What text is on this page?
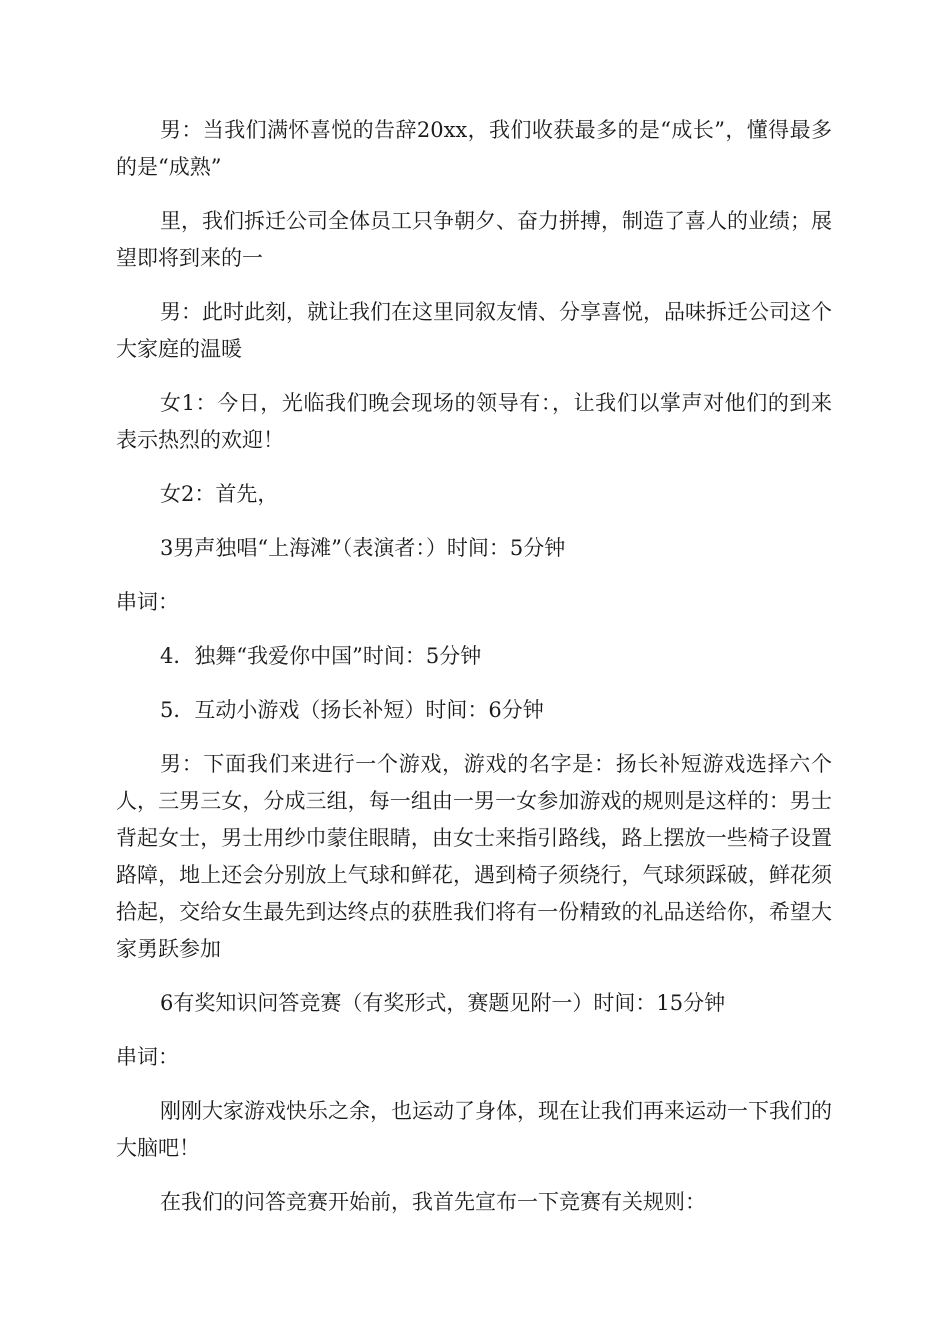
男：当我们满怀喜悦的告辞20xx，我们收获最多的是“成长”，懂得最多的是“成熟”

里，我们拆迁公司全体员工只争朝夕、奋力拼搏，制造了喜人的业绩；展望即将到来的一

男：此时此刻，就让我们在这里同叙友情、分享喜悦，品味拆迁公司这个大家庭的温暖

女1：今日，光临我们晚会现场的领导有：，让我们以掌声对他们的到来表示热烈的欢迎！

女2：首先，

3男声独唱“上海滩”（表演者：）时间：5分钟

串词：

4．独舞“我爱你中国”时间：5分钟

5．互动小游戏（扬长补短）时间：6分钟

男：下面我们来进行一个游戏，游戏的名字是：扬长补短游戏选择六个人，三男三女，分成三组，每一组由一男一女参加游戏的规则是这样的：男士背起女士，男士用纱巾蒙住眼睛，由女士来指引路线，路上摆放一些椅子设置路障，地上还会分别放上气球和鲜花，遇到椅子须绕行，气球须踩破，鲜花须拾起，交给女生最先到达终点的获胜我们将有一份精致的礼品送给你，希望大家勇跃参加

6有奖知识问答竞赛（有奖形式，赛题见附一）时间：15分钟

串词：

刚刚大家游戏快乐之余，也运动了身体，现在让我们再来运动一下我们的大脑吧！

在我们的问答竞赛开始前，我首先宣布一下竞赛有关规则：
